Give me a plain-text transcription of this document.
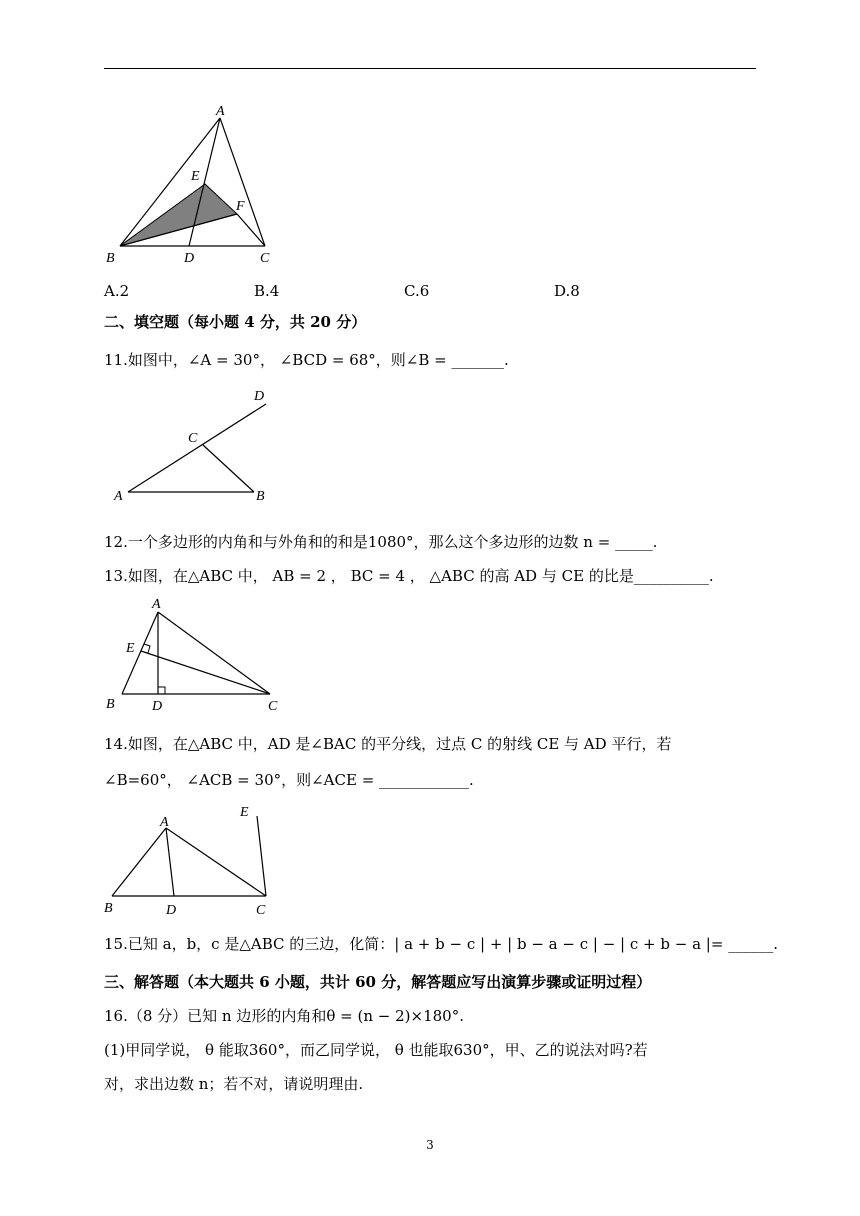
A
E
F
B	D	C
A.2	B.4	C.6	D.8
二、填空题（每小题 4 分，共 20 分）
11.如图中，∠A = 30°， ∠BCD = 68°，则∠B = _______.
D
C
A	B
12.一个多边形的内角和与外角和的和是1080°，那么这个多边形的边数 n = _____.
13.如图，在△ABC 中， AB = 2 ， BC = 4 ， △ABC 的高 AD 与 CE 的比是__________.
A
E
B	D	C
14.如图，在△ABC 中，AD 是∠BAC 的平分线，过点 C 的射线 CE 与 AD 平行，若
∠B=60°， ∠ACB = 30°，则∠ACE = ____________.
E
A
B	D	C
15.已知 a，b，c 是△ABC 的三边，化简：| a + b − c | + | b − a − c | − | c + b − a |= ______.
三、解答题（本大题共 6 小题，共计 60 分，解答题应写出演算步骤或证明过程）
16.（8 分）已知 n 边形的内角和θ = (n − 2)×180°.
(1)甲同学说， θ 能取360°，而乙同学说， θ 也能取630°，甲、乙的说法对吗?若
对，求出边数 n；若不对，请说明理由.
3
